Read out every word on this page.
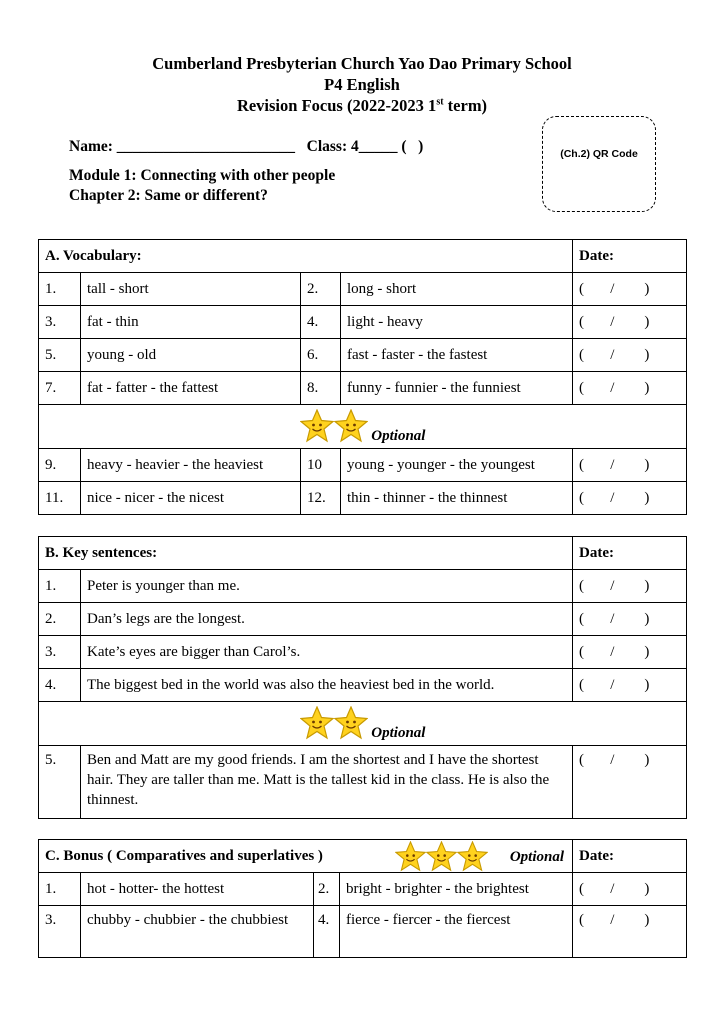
Cumberland Presbyterian Church Yao Dao Primary School
P4 English
Revision Focus (2022-2023 1st term)
Name: _______________________   Class: 4_____ (   )
Module 1: Connecting with other people
Chapter 2: Same or different?
(Ch.2) QR Code
A. Vocabulary:				Date:
1.	tall - short	2.	long - short	(       /        )
3.	fat - thin	4.	light - heavy	(       /        )
5.	young - old	6.	fast - faster - the fastest	(       /        )
7.	fat - fatter - the fattest	8.	funny - funnier - the funniest	(       /        )
Optional				
9.	heavy - heavier - the heaviest	10	young - younger - the youngest	(       /        )
11.	nice - nicer - the nicest	12.	thin - thinner - the thinnest	(       /        )
B. Key sentences:		Date:
1.	Peter is younger than me.	(       /        )
2.	Dan’s legs are the longest.	(       /        )
3.	Kate’s eyes are bigger than Carol’s.	(       /        )
4.	The biggest bed in the world was also the heaviest bed in the world.	(       /        )
Optional		
5.	Ben and Matt are my good friends. I am the shortest and I have the shortest hair. They are taller than me. Matt is the tallest kid in the class. He is also the thinnest.	(       /        )
C. Bonus ( Comparatives and superlatives ) Optional				Date:
1.	hot - hotter- the hottest	2.	bright - brighter - the brightest	(       /        )
3.	chubby - chubbier - the chubbiest	4.	fierce - fiercer - the fiercest	(       /        )
